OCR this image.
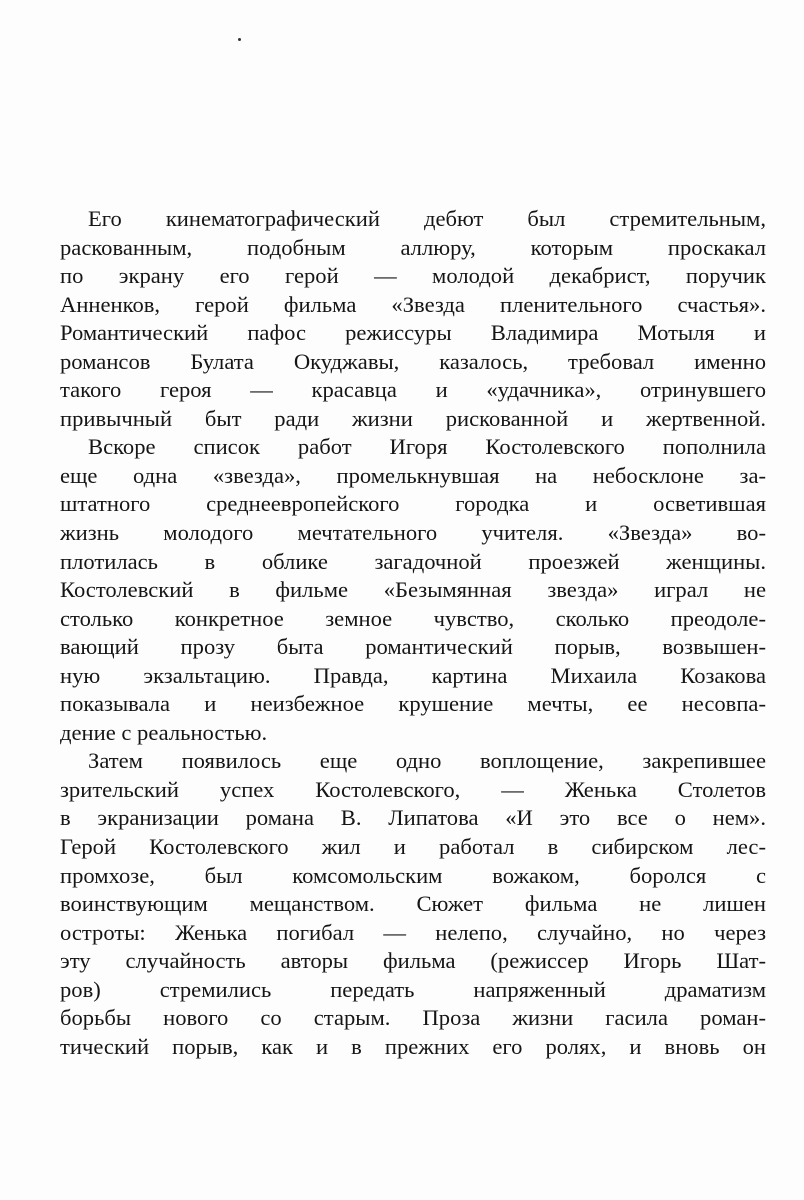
Его кинематографический дебют был стремительным,
раскованным, подобным аллюру, которым проскакал
по экрану его герой — молодой декабрист, поручик
Анненков, герой фильма «Звезда пленительного счастья».
Романтический пафос режиссуры Владимира Мотыля и
романсов Булата Окуджавы, казалось, требовал именно
такого героя — красавца и «удачника», отринувшего
привычный быт ради жизни рискованной и жертвенной.
Вскоре список работ Игоря Костолевского пополнила
еще одна «звезда», промелькнувшая на небосклоне за-
штатного среднеевропейского городка и осветившая
жизнь молодого мечтательного учителя. «Звезда» во-
плотилась в облике загадочной проезжей женщины.
Костолевский в фильме «Безымянная звезда» играл не
столько конкретное земное чувство, сколько преодоле-
вающий прозу быта романтический порыв, возвышен-
ную экзальтацию. Правда, картина Михаила Козакова
показывала и неизбежное крушение мечты, ее несовпа-
дение с реальностью.
Затем появилось еще одно воплощение, закрепившее
зрительский успех Костолевского, — Женька Столетов
в экранизации романа В. Липатова «И это все о нем».
Герой Костолевского жил и работал в сибирском лес-
промхозе, был комсомольским вожаком, боролся с
воинствующим мещанством. Сюжет фильма не лишен
остроты: Женька погибал — нелепо, случайно, но через
эту случайность авторы фильма (режиссер Игорь Шат-
ров) стремились передать напряженный драматизм
борьбы нового со старым. Проза жизни гасила роман-
тический порыв, как и в прежних его ролях, и вновь он
